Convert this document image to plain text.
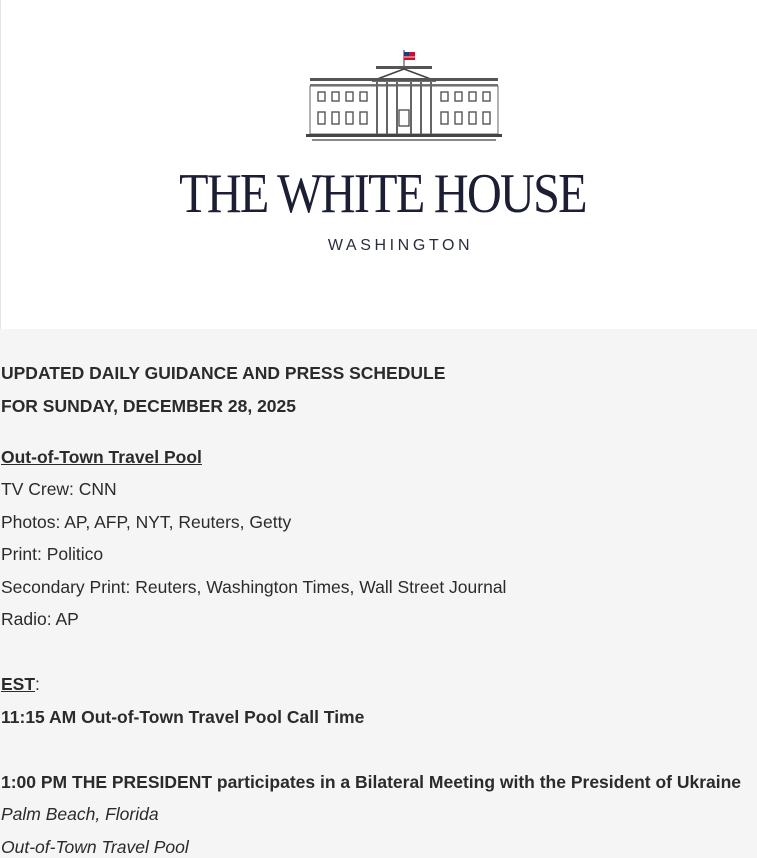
THE WHITE HOUSE
WASHINGTON
UPDATED DAILY GUIDANCE AND PRESS SCHEDULE
FOR SUNDAY, DECEMBER 28, 2025
Out-of-Town Travel Pool
TV Crew: CNN
Photos: AP, AFP, NYT, Reuters, Getty
Print: Politico
Secondary Print: Reuters, Washington Times, Wall Street Journal
Radio: AP
EST:
11:15 AM Out-of-Town Travel Pool Call Time
1:00 PM THE PRESIDENT participates in a Bilateral Meeting with the President of Ukraine
Palm Beach, Florida
Out-of-Town Travel Pool
